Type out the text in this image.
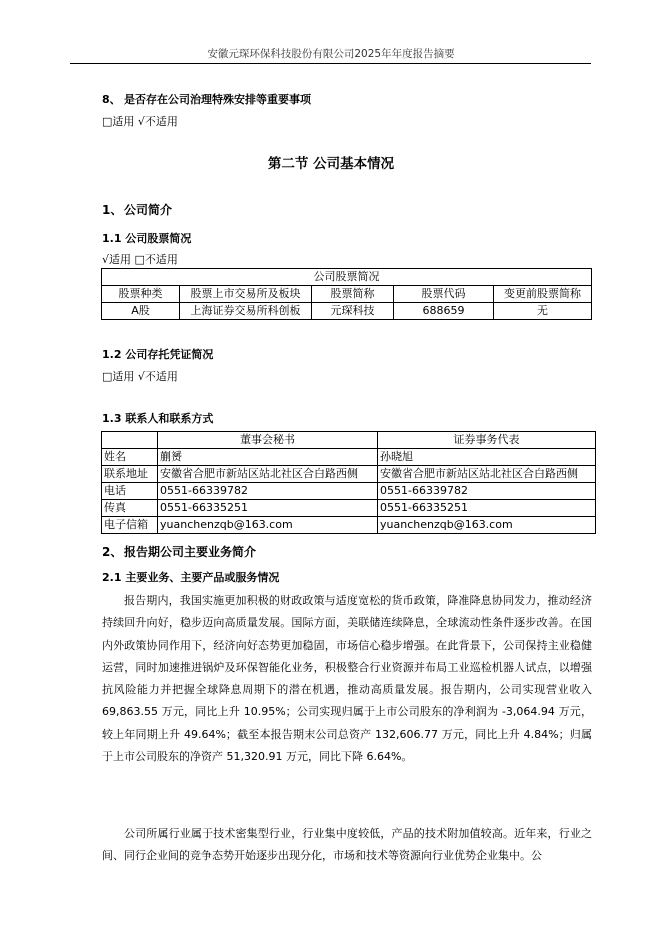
安徽元琛环保科技股份有限公司2025年年度报告摘要
8、 是否存在公司治理特殊安排等重要事项
□适用 √不适用
第二节 公司基本情况
1、 公司简介
1.1 公司股票简况
√适用 □不适用
公司股票简况				
股票种类	股票上市交易所及板块	股票简称	股票代码	变更前股票简称
A股	上海证券交易所科创板	元琛科技	688659	无
1.2 公司存托凭证简况
□适用 √不适用
1.3 联系人和联系方式
	董事会秘书	证券事务代表
姓名	蒯赟	孙晓旭
联系地址	安徽省合肥市新站区站北社区合白路西侧	安徽省合肥市新站区站北社区合白路西侧
电话	0551-66339782	0551-66339782
传真	0551-66335251	0551-66335251
电子信箱	yuanchenzqb@163.com	yuanchenzqb@163.com
2、 报告期公司主要业务简介
2.1 主要业务、主要产品或服务情况

报告期内，我国实施更加积极的财政政策与适度宽松的货币政策，降准降息协同发力，推动经济持续回升向好，稳步迈向高质量发展。国际方面，美联储连续降息，全球流动性条件逐步改善。在国内外政策协同作用下，经济向好态势更加稳固，市场信心稳步增强。在此背景下，公司保持主业稳健运营，同时加速推进锅炉及环保智能化业务，积极整合行业资源并布局工业巡检机器人试点，以增强抗风险能力并把握全球降息周期下的潜在机遇，推动高质量发展。报告期内，公司实现营业收入 69,863.55 万元，同比上升 10.95%；公司实现归属于上市公司股东的净利润为 -3,064.94 万元，较上年同期上升 49.64%；截至本报告期末公司总资产 132,606.77 万元，同比上升 4.84%；归属于上市公司股东的净资产 51,320.91 万元，同比下降 6.64%。

公司所属行业属于技术密集型行业，行业集中度较低，产品的技术附加值较高。近年来，行业之间、同行企业间的竞争态势开始逐步出现分化，市场和技术等资源向行业优势企业集中。公
